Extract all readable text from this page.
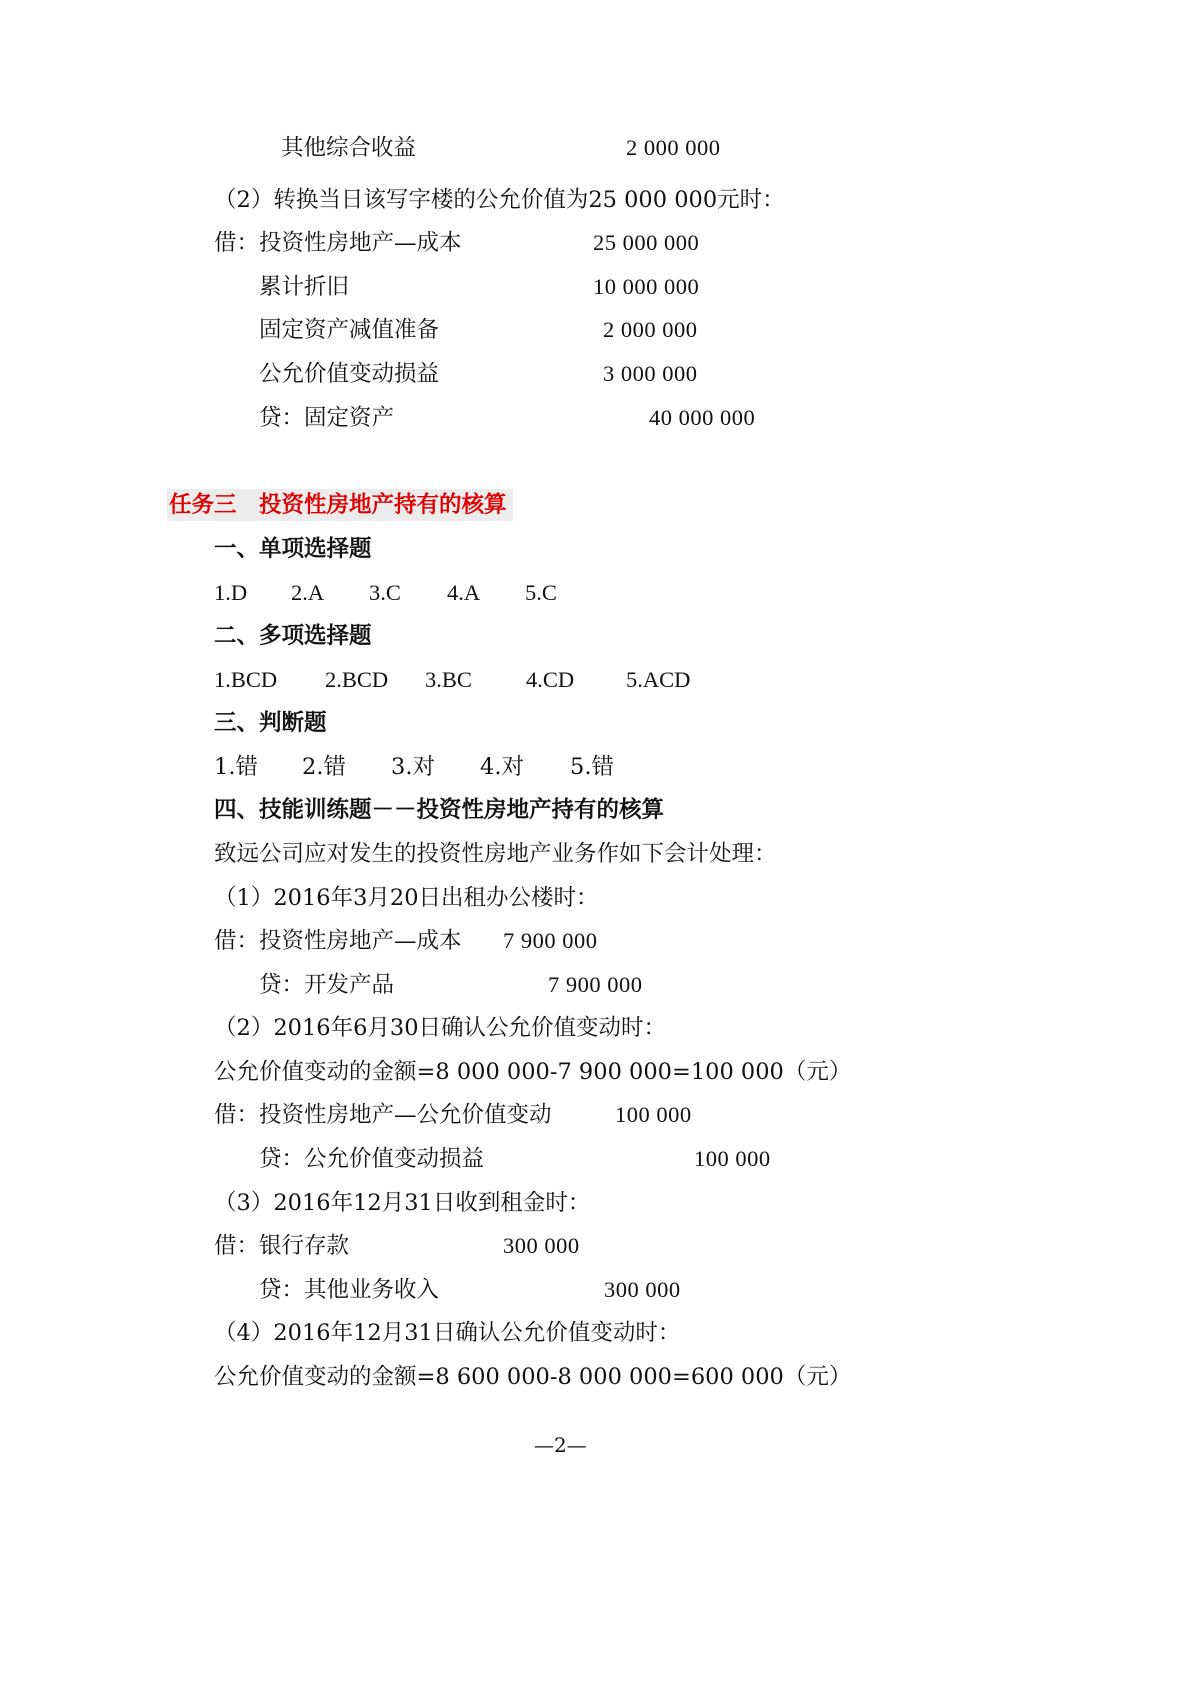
其他综合收益	2 000 000
（2）转换当日该写字楼的公允价值为25 000 000元时：
借：投资性房地产—成本	25 000 000
累计折旧	10 000 000
固定资产减值准备	2 000 000
公允价值变动损益	3 000 000
贷：固定资产	40 000 000
任务三　投资性房地产持有的核算
一、单项选择题
1.D 2.A 3.C 4.A 5.C
二、多项选择题
1.BCD 2.BCD 3.BC 4.CD 5.ACD
三、判断题
1.错 2.错 3.对 4.对 5.错
四、技能训练题－－投资性房地产持有的核算
致远公司应对发生的投资性房地产业务作如下会计处理：
（1）2016年3月20日出租办公楼时：
借：投资性房地产—成本 7 900 000
贷：开发产品	7 900 000
（2）2016年6月30日确认公允价值变动时：
公允价值变动的金额=8 000 000-7 900 000=100 000（元）
借：投资性房地产—公允价值变动	100 000
贷：公允价值变动损益	100 000
（3）2016年12月31日收到租金时：
借：银行存款	300 000
贷：其他业务收入	300 000
（4）2016年12月31日确认公允价值变动时：
公允价值变动的金额=8 600 000-8 000 000=600 000（元）
—2—
